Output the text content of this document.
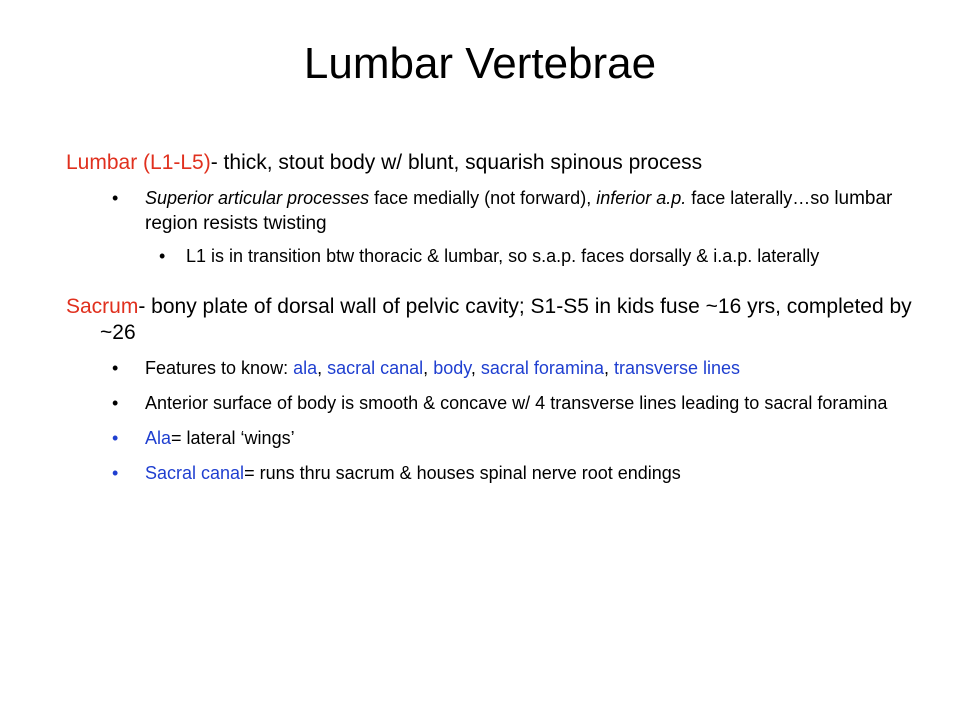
Lumbar Vertebrae

Lumbar (L1-L5)- thick, stout body w/ blunt, squarish spinous process

• Superior articular processes face medially (not forward), inferior a.p. face laterally…so lumbar region resists twisting

• L1 is in transition btw thoracic & lumbar, so s.a.p. faces dorsally & i.a.p. laterally

Sacrum- bony plate of dorsal wall of pelvic cavity; S1-S5 in kids fuse ~16 yrs, completed by ~26

• Features to know: ala, sacral canal, body, sacral foramina, transverse lines

• Anterior surface of body is smooth & concave w/ 4 transverse lines leading to sacral foramina

• Ala= lateral ‘wings’

• Sacral canal= runs thru sacrum & houses spinal nerve root endings
